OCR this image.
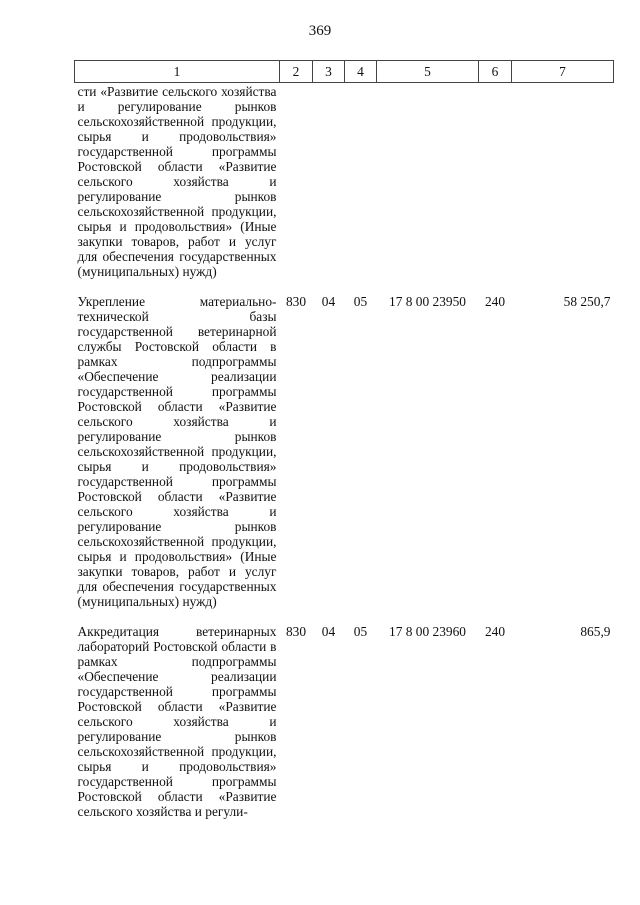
369
1	2	3	4	5	6	7
сти «Развитие сельского хозяйства и регулирование рынков сельскохозяйственной продукции, сырья и продовольствия» государственной программы Ростовской области «Развитие сельского хозяйства и регулирование рынков сельскохозяйственной продукции, сырья и продовольствия» (Иные закупки товаров, работ и услуг для обеспечения государственных (муниципальных) нужд)						

Укрепление материально-технической базы государственной ветеринарной службы Ростовской области в рамках подпрограммы «Обеспечение реализации государственной программы Ростовской области «Развитие сельского хозяйства и регулирование рынков сельскохозяйственной продукции, сырья и продовольствия» государственной программы Ростовской области «Развитие сельского хозяйства и регулирование рынков сельскохозяйственной продукции, сырья и продовольствия» (Иные закупки товаров, работ и услуг для обеспечения государственных (муниципальных) нужд)	830	04	05	17 8 00 23950	240	58 250,7

Аккредитация ветеринарных лабораторий Ростовской области в рамках подпрограммы «Обеспечение реализации государственной программы Ростовской области «Развитие сельского хозяйства и регулирование рынков сельскохозяйственной продукции, сырья и продовольствия» государственной программы Ростовской области «Развитие сельского хозяйства и регули-	830	04	05	17 8 00 23960	240	865,9
